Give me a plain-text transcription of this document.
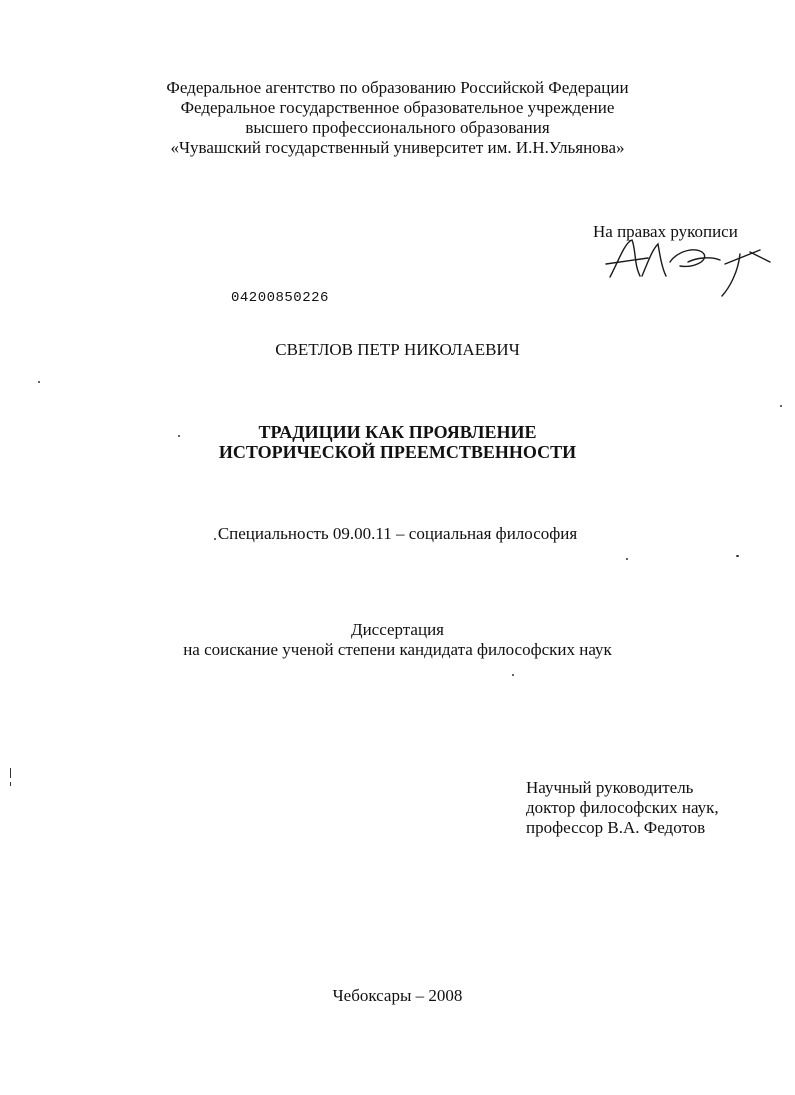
Федеральное агентство по образованию Российской Федерации
Федеральное государственное образовательное учреждение
высшего профессионального образования
«Чувашский государственный университет им. И.Н.Ульянова»
На правах рукописи
04200850226
СВЕТЛОВ ПЕТР НИКОЛАЕВИЧ
ТРАДИЦИИ КАК ПРОЯВЛЕНИЕ
ИСТОРИЧЕСКОЙ ПРЕЕМСТВЕННОСТИ
Специальность 09.00.11 – социальная философия
Диссертация
на соискание ученой степени кандидата философских наук
Научный руководитель
доктор философских наук,
профессор В.А. Федотов
Чебоксары – 2008
